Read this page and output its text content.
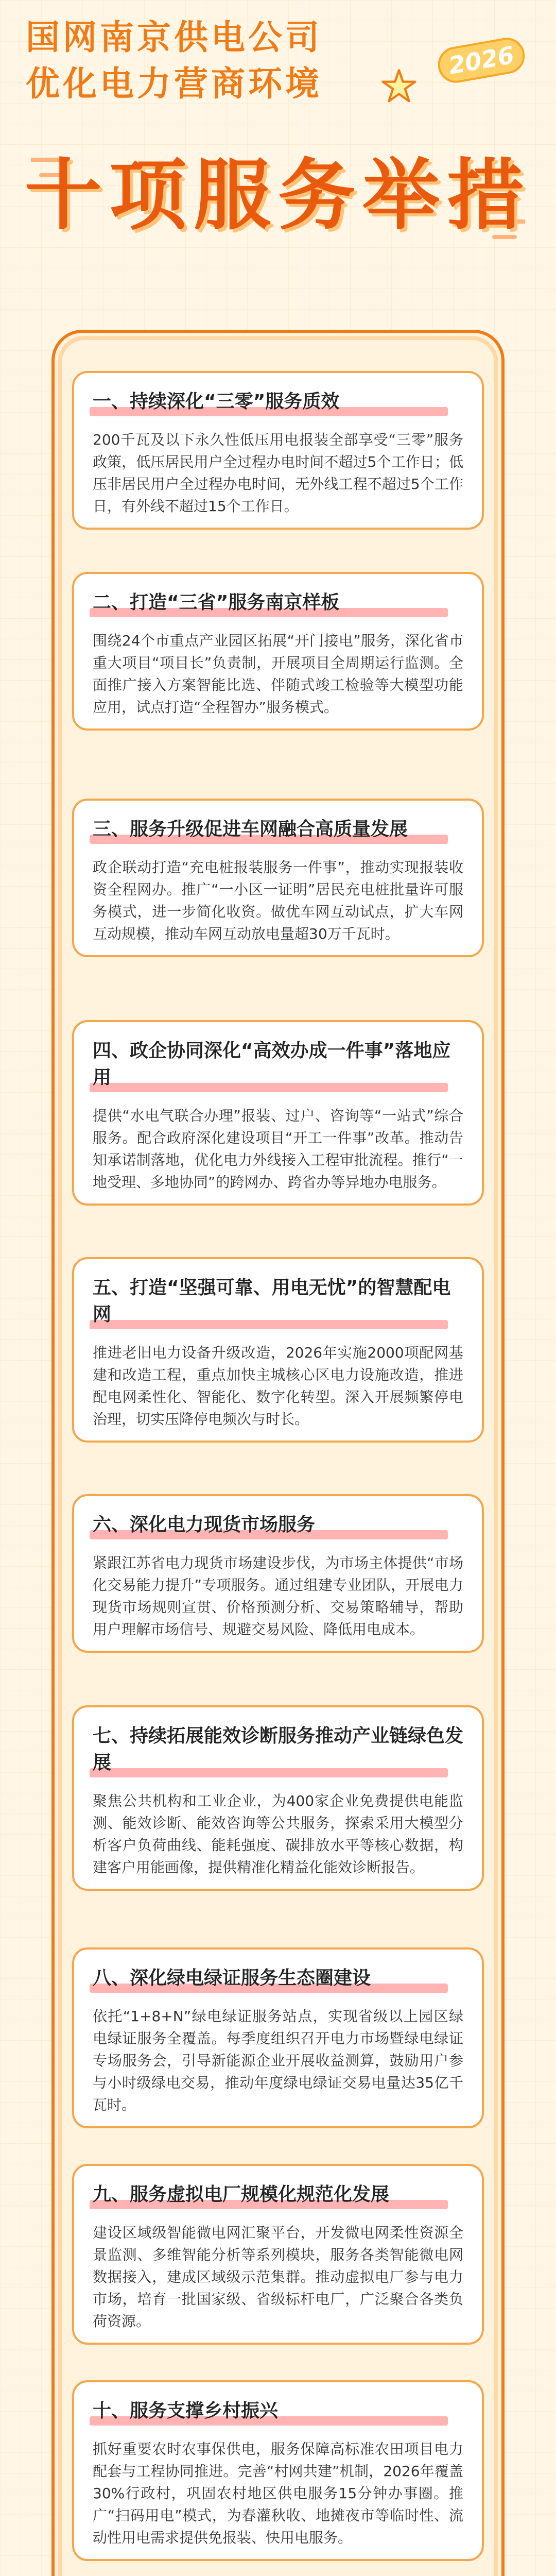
国网南京供电公司
优化电力营商环境
2026
十项服务举措
一、持续深化“三零”服务质效
200千瓦及以下永久性低压用电报装全部享受“三零”服务政策，低压居民用户全过程办电时间不超过5个工作日；低压非居民用户全过程办电时间，无外线工程不超过5个工作日，有外线不超过15个工作日。
二、打造“三省”服务南京样板
围绕24个市重点产业园区拓展“开门接电”服务，深化省市重大项目“项目长”负责制，开展项目全周期运行监测。全面推广接入方案智能比选、伴随式竣工检验等大模型功能应用，试点打造“全程智办”服务模式。
三、服务升级促进车网融合高质量发展
政企联动打造“充电桩报装服务一件事”，推动实现报装收资全程网办。推广“一小区一证明”居民充电桩批量许可服务模式，进一步简化收资。做优车网互动试点，扩大车网互动规模，推动车网互动放电量超30万千瓦时。
四、政企协同深化“高效办成一件事”落地应用
提供“水电气联合办理”报装、过户、咨询等“一站式”综合服务。配合政府深化建设项目“开工一件事”改革。推动告知承诺制落地，优化电力外线接入工程审批流程。推行“一地受理、多地协同”的跨网办、跨省办等异地办电服务。
五、打造“坚强可靠、用电无忧”的智慧配电网
推进老旧电力设备升级改造，2026年实施2000项配网基建和改造工程，重点加快主城核心区电力设施改造，推进配电网柔性化、智能化、数字化转型。深入开展频繁停电治理，切实压降停电频次与时长。
六、深化电力现货市场服务
紧跟江苏省电力现货市场建设步伐，为市场主体提供“市场化交易能力提升”专项服务。通过组建专业团队，开展电力现货市场规则宣贯、价格预测分析、交易策略辅导，帮助用户理解市场信号、规避交易风险、降低用电成本。
七、持续拓展能效诊断服务推动产业链绿色发展
聚焦公共机构和工业企业，为400家企业免费提供电能监测、能效诊断、能效咨询等公共服务，探索采用大模型分析客户负荷曲线、能耗强度、碳排放水平等核心数据，构建客户用能画像，提供精准化精益化能效诊断报告。
八、深化绿电绿证服务生态圈建设
依托“1+8+N”绿电绿证服务站点，实现省级以上园区绿电绿证服务全覆盖。每季度组织召开电力市场暨绿电绿证专场服务会，引导新能源企业开展收益测算，鼓励用户参与小时级绿电交易，推动年度绿电绿证交易电量达35亿千瓦时。
九、服务虚拟电厂规模化规范化发展
建设区域级智能微电网汇聚平台，开发微电网柔性资源全景监测、多维智能分析等系列模块，服务各类智能微电网数据接入，建成区域级示范集群。推动虚拟电厂参与电力市场，培育一批国家级、省级标杆电厂，广泛聚合各类负荷资源。
十、服务支撑乡村振兴
抓好重要农时农事保供电，服务保障高标准农田项目电力配套与工程协同推进。完善“村网共建”机制，2026年覆盖30%行政村，巩固农村地区供电服务15分钟办事圈。推广“扫码用电”模式，为春灌秋收、地摊夜市等临时性、流动性用电需求提供免报装、快用电服务。
